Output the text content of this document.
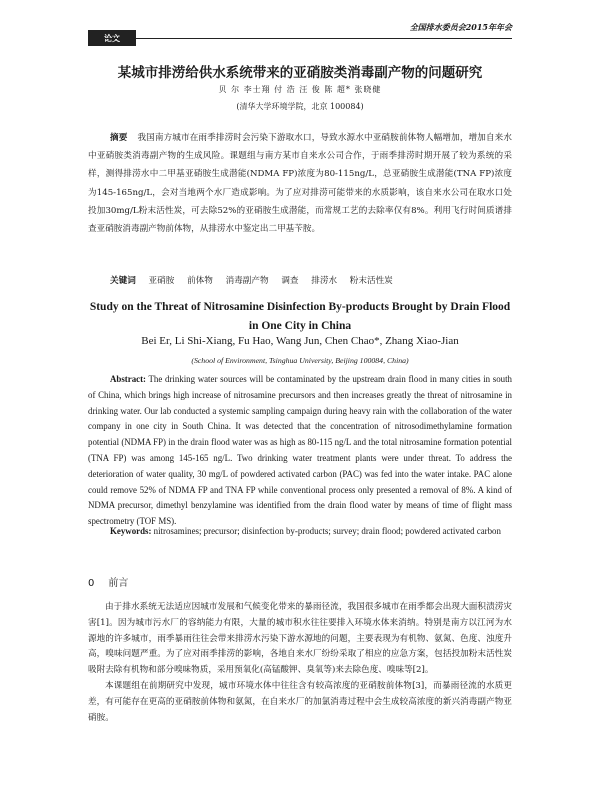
论文
全国排水委员会2015年年会
某城市排涝给供水系统带来的亚硝胺类消毒副产物的问题研究
贝 尔 李士翔 付 浩 汪 俊 陈 超* 张晓健
(清华大学环境学院，北京 100084)
摘要 我国南方城市在雨季排涝时会污染下游取水口，导致水源水中亚硝胺前体物人幅增加，增加自来水中亚硝胺类消毒副产物的生成风险。课题组与南方某市自来水公司合作，于雨季排涝时期开展了较为系统的采样，测得排涝水中二甲基亚硝胺生成潜能(NDMA FP)浓度为80-115ng/L，总亚硝胺生成潜能(TNA FP)浓度为145-165ng/L，会对当地两个水厂造成影响。为了应对排涝可能带来的水质影响，该自来水公司在取水口处投加30mg/L粉末活性炭，可去除52%的亚硝胺生成潜能，而常规工艺的去除率仅有8%。利用飞行时间质谱排查亚硝胺消毒副产物前体物，从排涝水中鉴定出二甲基苄胺。
关键词 亚硝胺 前体物 消毒副产物 调查 排涝水 粉末活性炭
Study on the Threat of Nitrosamine Disinfection By-products Brought by Drain Flood in One City in China
Bei Er, Li Shi-Xiang, Fu Hao, Wang Jun, Chen Chao*, Zhang Xiao-Jian
(School of Environment, Tsinghua University, Beijing 100084, China)
Abstract: The drinking water sources will be contaminated by the upstream drain flood in many cities in south of China, which brings high increase of nitrosamine precursors and then increases greatly the threat of nitrosamine in drinking water. Our lab conducted a systemic sampling campaign during heavy rain with the collaboration of the water company in one city in South China. It was detected that the concentration of nitrosodimethylamine formation potential (NDMA FP) in the drain flood water was as high as 80-115 ng/L and the total nitrosamine formation potential (TNA FP) was among 145-165 ng/L. Two drinking water treatment plants were under threat. To address the deterioration of water quality, 30 mg/L of powdered activated carbon (PAC) was fed into the water intake. PAC alone could remove 52% of NDMA FP and TNA FP while conventional process only presented a removal of 8%. A kind of NDMA precursor, dimethyl benzylamine was identified from the drain flood water by means of time of flight mass spectrometry (TOF MS).
Keywords: nitrosamines; precursor; disinfection by-products; survey; drain flood; powdered activated carbon
0 前言

由于排水系统无法适应因城市发展和气候变化带来的暴雨径流，我国很多城市在雨季都会出现大面积渍涝灾害[1]。因为城市污水厂的容纳能力有限，大量的城市积水往往要排入环境水体来消纳。特别是南方以江河为水源地的许多城市，雨季暴雨往往会带来排涝水污染下游水源地的问题，主要表现为有机物、氨氮、色度、浊度升高，嗅味问题严重。为了应对雨季排涝的影响，各地自来水厂纷纷采取了相应的应急方案，包括投加粉末活性炭吸附去除有机物和部分嗅味物质，采用预氧化(高锰酸钾、臭氧等)来去除色度、嗅味等[2]。

本课题组在前期研究中发现，城市环境水体中往往含有较高浓度的亚硝胺前体物[3]，而暴雨径流的水质更差，有可能存在更高的亚硝胺前体物和氨氮，在自来水厂的加氯消毒过程中会生成较高浓度的新兴消毒副产物亚硝胺。
